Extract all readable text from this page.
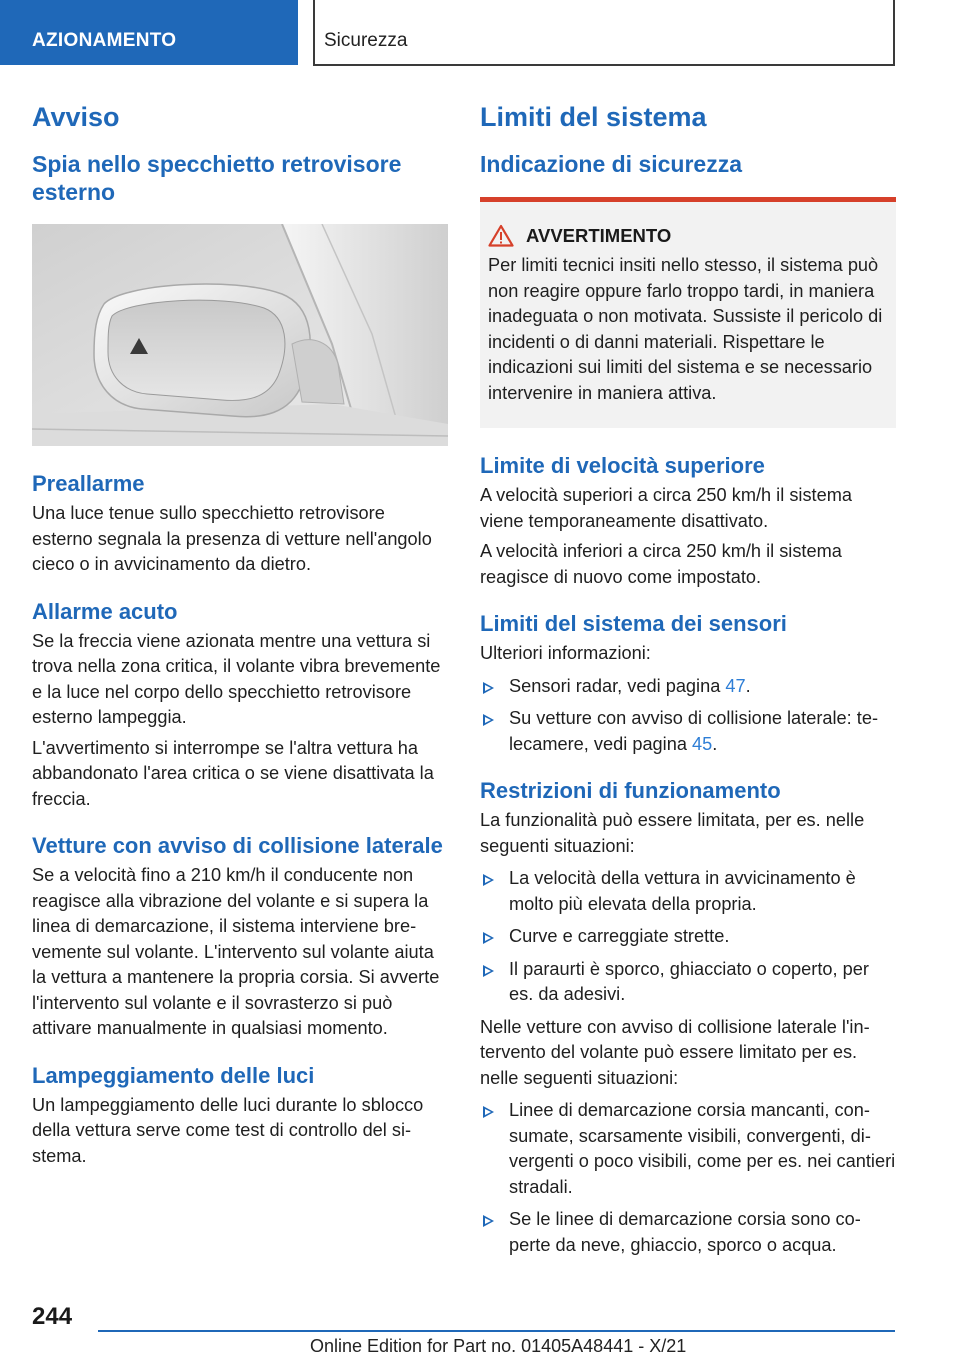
AZIONAMENTO	Sicurezza
Avviso
Spia nello specchietto retrovisore esterno
Preallarme

Una luce tenue sullo specchietto retrovisore esterno segnala la presenza di vetture nell'angolo cieco o in avvicinamento da dietro.

Allarme acuto

Se la freccia viene azionata mentre una vettura si trova nella zona critica, il volante vibra brevemente e la luce nel corpo dello specchietto retrovisore esterno lampeggia.

L'avvertimento si interrompe se l'altra vettura ha abbandonato l'area critica o se viene disattivata la freccia.

Vetture con avviso di collisione laterale

Se a velocità fino a 210 km/h il conducente non reagisce alla vibrazione del volante e si supera la linea di demarcazione, il sistema interviene brevemente sul volante. L'intervento sul volante aiuta la vettura a mantenere la propria corsia. Si avverte l'intervento sul volante e il sovrasterzo si può attivare manualmente in qualsiasi momento.

Lampeggiamento delle luci

Un lampeggiamento delle luci durante lo sblocco della vettura serve come test di controllo del sistema.

Limiti del sistema
Indicazione di sicurezza
AVVERTIMENTO

Per limiti tecnici insiti nello stesso, il sistema può non reagire oppure farlo troppo tardi, in maniera inadeguata o non motivata. Sussiste il pericolo di incidenti o di danni materiali. Rispettare le indicazioni sui limiti del sistema e se necessario intervenire in maniera attiva.

Limite di velocità superiore

A velocità superiori a circa 250 km/h il sistema viene temporaneamente disattivato.

A velocità inferiori a circa 250 km/h il sistema reagisce di nuovo come impostato.

Limiti del sistema dei sensori

Ulteriori informazioni:

Sensori radar, vedi pagina 47.
Su vetture con avviso di collisione laterale: telecamere, vedi pagina 45.
Restrizioni di funzionamento

La funzionalità può essere limitata, per es. nelle seguenti situazioni:

La velocità della vettura in avvicinamento è molto più elevata della propria.
Curve e carreggiate strette.
Il paraurti è sporco, ghiacciato o coperto, per es. da adesivi.

Nelle vetture con avviso di collisione laterale l'intervento del volante può essere limitato per es. nelle seguenti situazioni:

Linee di demarcazione corsia mancanti, consumate, scarsamente visibili, convergenti, divergenti o poco visibili, come per es. nei cantieri stradali.
Se le linee di demarcazione corsia sono coperte da neve, ghiaccio, sporco o acqua.
244
Online Edition for Part no. 01405A48441 - X/21
